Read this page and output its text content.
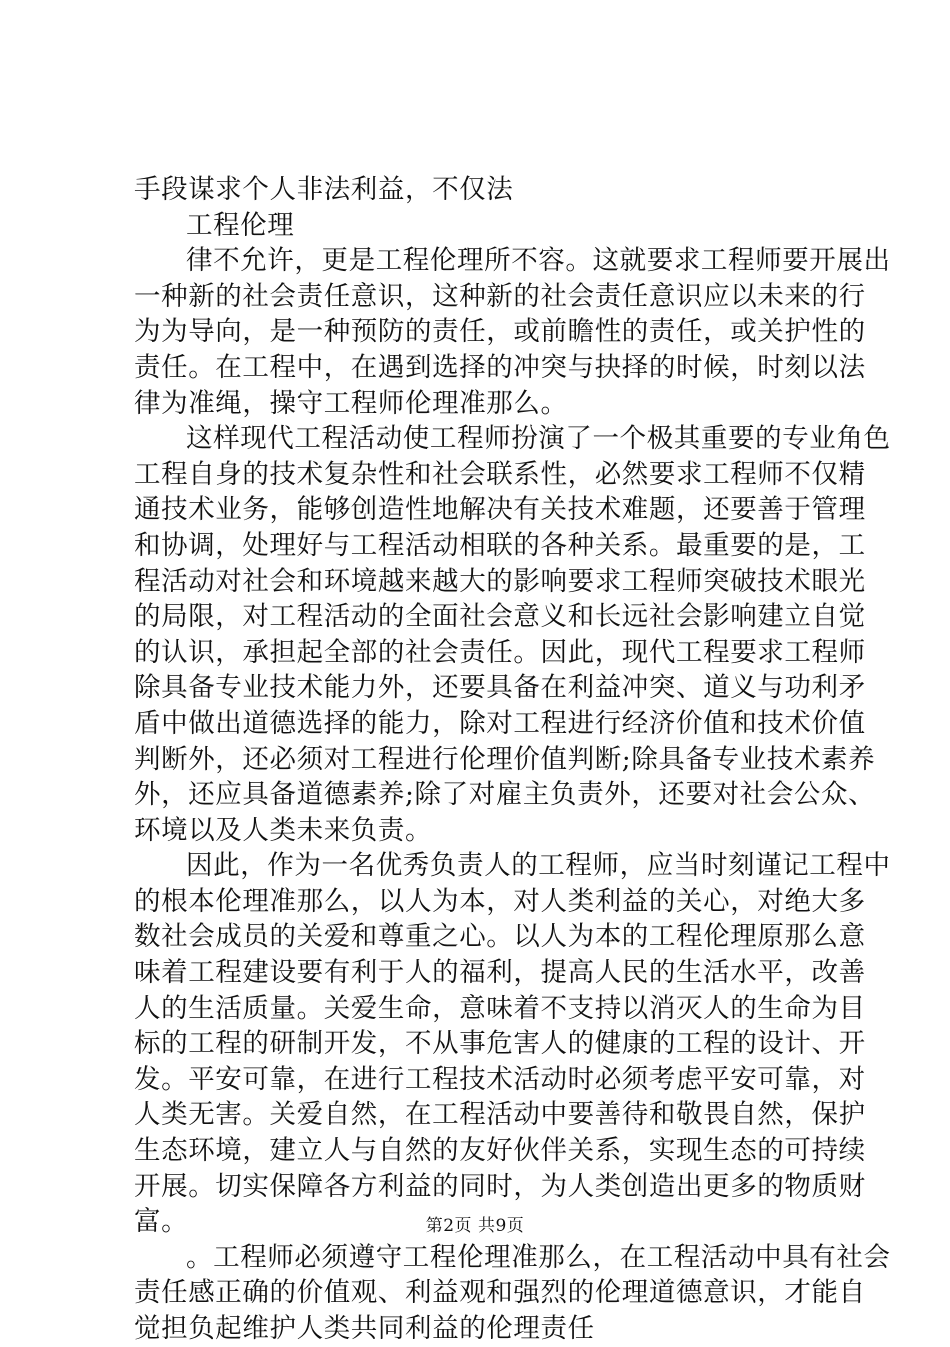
手段谋求个人非法利益，不仅法
工程伦理
律不允许，更是工程伦理所不容。这就要求工程师要开展出
一种新的社会责任意识，这种新的社会责任意识应以未来的行
为为导向，是一种预防的责任，或前瞻性的责任，或关护性的
责任。在工程中，在遇到选择的冲突与抉择的时候，时刻以法
律为准绳，操守工程师伦理准那么。
这样现代工程活动使工程师扮演了一个极其重要的专业角色
工程自身的技术复杂性和社会联系性，必然要求工程师不仅精
通技术业务，能够创造性地解决有关技术难题，还要善于管理
和协调，处理好与工程活动相联的各种关系。最重要的是，工
程活动对社会和环境越来越大的影响要求工程师突破技术眼光
的局限，对工程活动的全面社会意义和长远社会影响建立自觉
的认识，承担起全部的社会责任。因此，现代工程要求工程师
除具备专业技术能力外，还要具备在利益冲突、道义与功利矛
盾中做出道德选择的能力，除对工程进行经济价值和技术价值
判断外，还必须对工程进行伦理价值判断;除具备专业技术素养
外，还应具备道德素养;除了对雇主负责外，还要对社会公众、
环境以及人类未来负责。
因此，作为一名优秀负责人的工程师，应当时刻谨记工程中
的根本伦理准那么，以人为本，对人类利益的关心，对绝大多
数社会成员的关爱和尊重之心。以人为本的工程伦理原那么意
味着工程建设要有利于人的福利，提高人民的生活水平，改善
人的生活质量。关爱生命，意味着不支持以消灭人的生命为目
标的工程的研制开发，不从事危害人的健康的工程的设计、开
发。平安可靠，在进行工程技术活动时必须考虑平安可靠，对
人类无害。关爱自然，在工程活动中要善待和敬畏自然，保护
生态环境，建立人与自然的友好伙伴关系，实现生态的可持续
开展。切实保障各方利益的同时，为人类创造出更多的物质财
富。
。工程师必须遵守工程伦理准那么，在工程活动中具有社会
责任感正确的价值观、利益观和强烈的伦理道德意识，才能自
觉担负起维护人类共同利益的伦理责任
第2页 共9页
